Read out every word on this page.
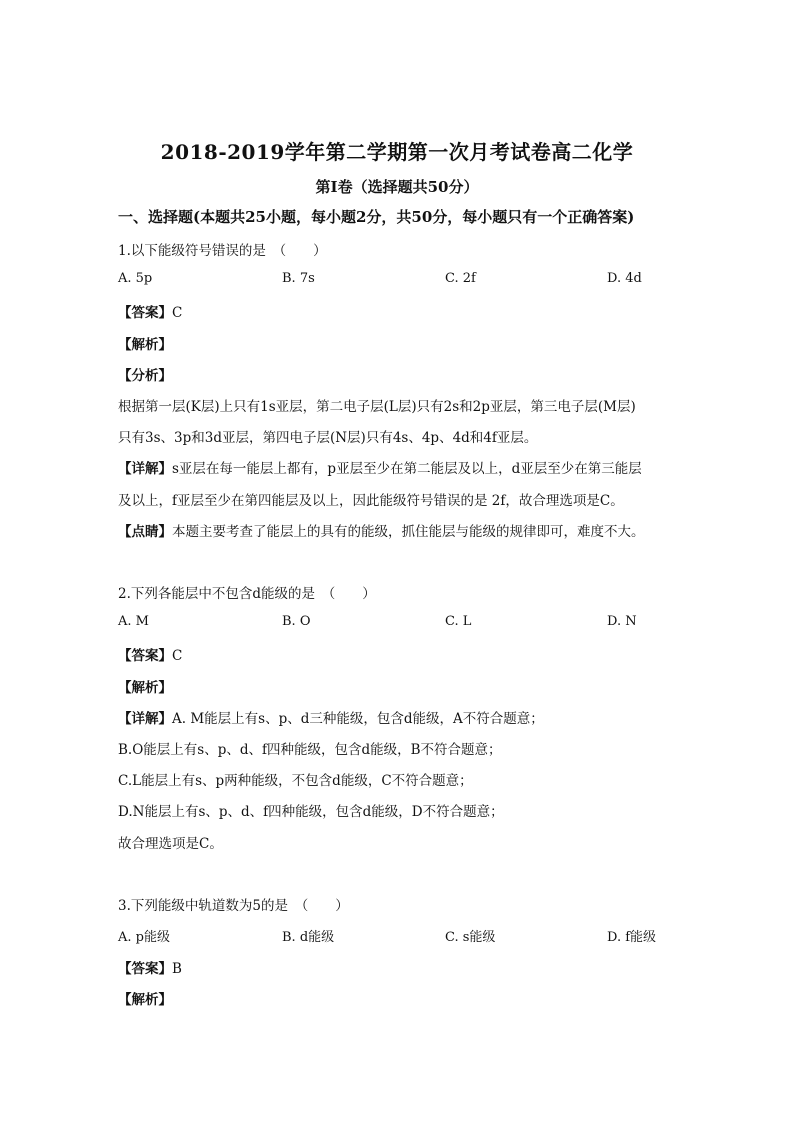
2018-2019学年第二学期第一次月考试卷高二化学
第Ⅰ卷（选择题共50分）
一、选择题(本题共25小题，每小题2分，共50分，每小题只有一个正确答案)
1.以下能级符号错误的是　（　　）
A. 5p	B. 7s	C. 2f	D. 4d
【答案】C
【解析】
【分析】
根据第一层(K层)上只有1s亚层，第二电子层(L层)只有2s和2p亚层，第三电子层(M层)
只有3s、3p和3d亚层，第四电子层(N层)只有4s、4p、4d和4f亚层。
【详解】s亚层在每一能层上都有，p亚层至少在第二能层及以上，d亚层至少在第三能层
及以上，f亚层至少在第四能层及以上，因此能级符号错误的是 2f，故合理选项是C。
【点睛】本题主要考查了能层上的具有的能级，抓住能层与能级的规律即可，难度不大。
2.下列各能层中不包含d能级的是　（　　）
A. M	B. O	C. L	D. N
【答案】C
【解析】
【详解】A. M能层上有s、p、d三种能级，包含d能级，A不符合题意；
B.O能层上有s、p、d、f四种能级，包含d能级，B不符合题意；
C.L能层上有s、p两种能级，不包含d能级，C不符合题意；
D.N能层上有s、p、d、f四种能级，包含d能级，D不符合题意；
故合理选项是C。
3.下列能级中轨道数为5的是　（　　）
A. p能级	B. d能级	C. s能级	D. f能级
【答案】B
【解析】
